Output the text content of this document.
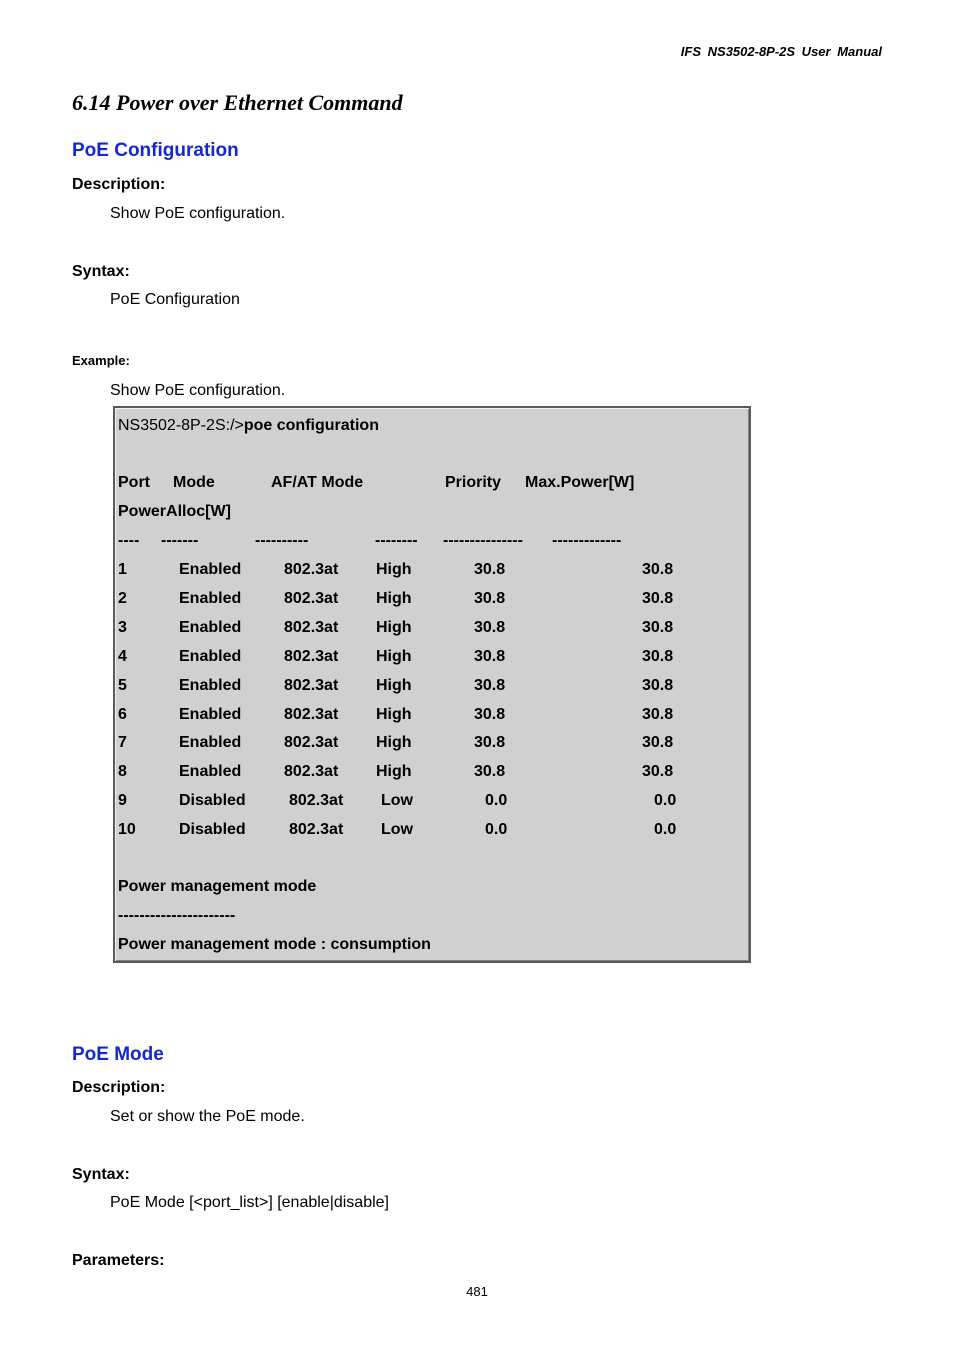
IFS NS3502-8P-2S User Manual
6.14 Power over Ethernet Command
PoE Configuration
Description:
Show PoE configuration.
Syntax:
PoE Configuration
Example:
Show PoE configuration.
NS3502-8P-2S:/>poe configuration
Port Mode	AF/AT Mode	Priority Max.Power[W]
PowerAlloc[W]
---- -------	----------	-------- --------------- -------------
1	Enabled	802.3at High	30.8	30.8
2	Enabled	802.3at High	30.8	30.8
3	Enabled	802.3at High	30.8	30.8
4	Enabled	802.3at High	30.8	30.8
5	Enabled	802.3at High	30.8	30.8
6	Enabled	802.3at High	30.8	30.8
7	Enabled	802.3at High	30.8	30.8
8	Enabled	802.3at High	30.8	30.8
9	Disabled	802.3at Low	0.0	0.0
10	Disabled	802.3at Low	0.0	0.0
Power management mode
----------------------
Power management mode : consumption
PoE Mode
Description:
Set or show the PoE mode.
Syntax:
PoE Mode [<port_list>] [enable|disable]
Parameters:
481
